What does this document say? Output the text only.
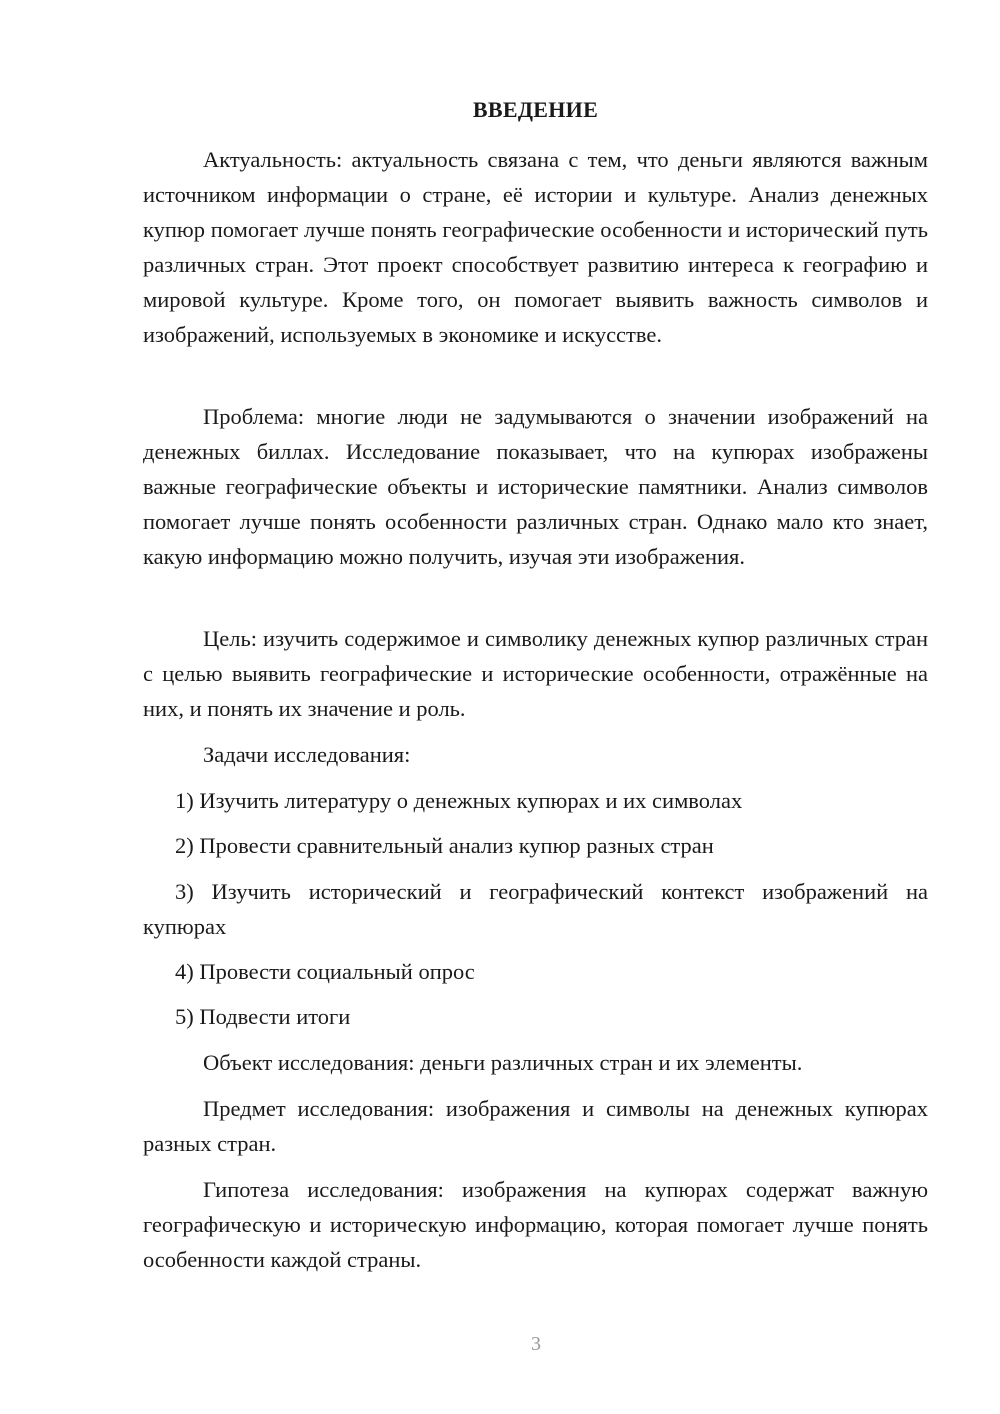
ВВЕДЕНИЕ

Актуальность: актуальность связана с тем, что деньги являются важным источником информации о стране, её истории и культуре. Анализ денежных купюр помогает лучше понять географические особенности и исторический путь различных стран. Этот проект способствует развитию интереса к географию и мировой культуре. Кроме того, он помогает выявить важность символов и изображений, используемых в экономике и искусстве.

Проблема: многие люди не задумываются о значении изображений на денежных биллах. Исследование показывает, что на купюрах изображены важные географические объекты и исторические памятники. Анализ символов помогает лучше понять особенности различных стран. Однако мало кто знает, какую информацию можно получить, изучая эти изображения.

Цель: изучить содержимое и символику денежных купюр различных стран с целью выявить географические и исторические особенности, отражённые на них, и понять их значение и роль.

Задачи исследования:

1) Изучить литературу о денежных купюрах и их символах

2) Провести сравнительный анализ купюр разных стран

3) Изучить исторический и географический контекст изображений на купюрах

4) Провести социальный опрос

5) Подвести итоги

Объект исследования: деньги различных стран и их элементы.

Предмет исследования: изображения и символы на денежных купюрах разных стран.

Гипотеза исследования: изображения на купюрах содержат важную географическую и историческую информацию, которая помогает лучше понять особенности каждой страны.

3
